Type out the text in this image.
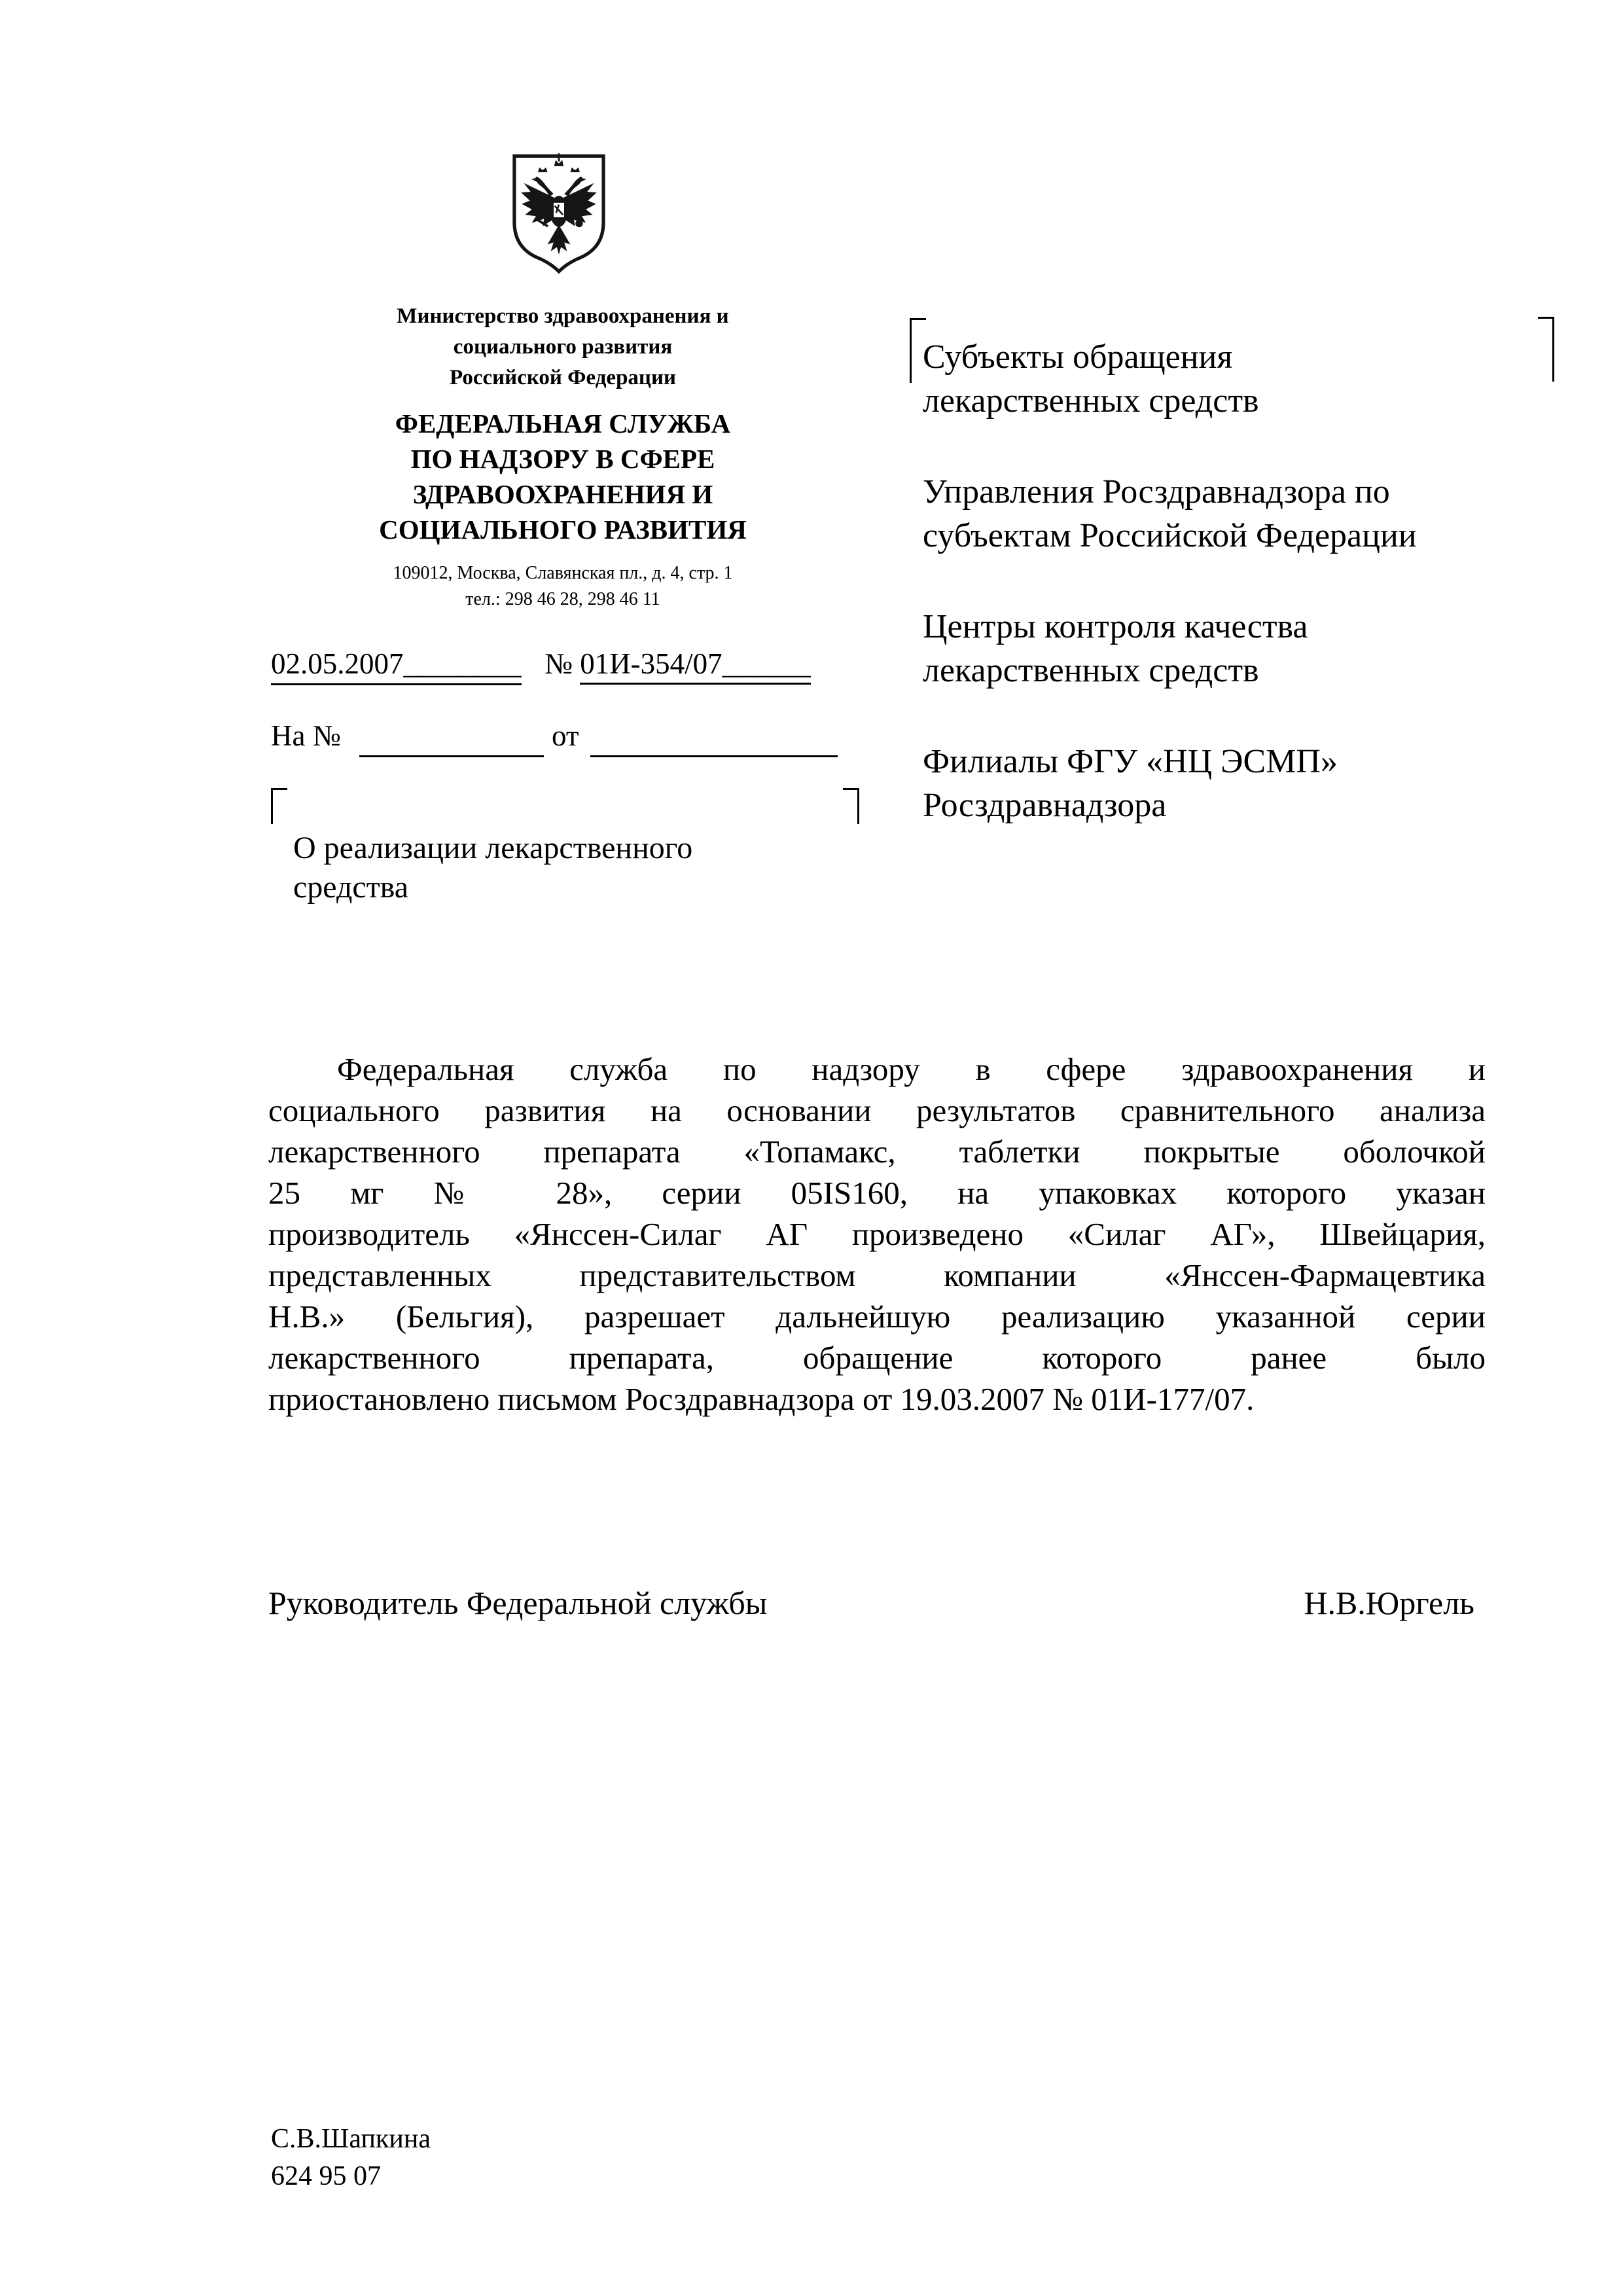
Министерство здравоохранения и
социального развития
Российской Федерации
ФЕДЕРАЛЬНАЯ СЛУЖБА
ПО НАДЗОРУ В СФЕРЕ
ЗДРАВООХРАНЕНИЯ И
СОЦИАЛЬНОГО РАЗВИТИЯ
109012, Москва, Славянская пл., д. 4, стр. 1
тел.: 298 46 28, 298 46 11
02.05.2007________ № 01И-354/07______
На №	от
О реализации лекарственного
средства
Субъекты обращения
лекарственных средств
Управления Росздравнадзора по
субъектам Российской Федерации
Центры контроля качества
лекарственных средств
Филиалы ФГУ «НЦ ЭСМП»
Росздравнадзора
Федеральная служба по надзору в сфере здравоохранения и
социального развития на основании результатов сравнительного анализа
лекарственного препарата «Топамакс, таблетки покрытые оболочкой
25 мг № 28», серии 05IS160, на упаковках которого указан
производитель «Янссен-Силаг АГ произведено «Силаг АГ», Швейцария,
представленных представительством компании «Янссен-Фармацевтика
Н.В.» (Бельгия), разрешает дальнейшую реализацию указанной серии
лекарственного препарата, обращение которого ранее было
приостановлено письмом Росздравнадзора от 19.03.2007 № 01И-177/07.
Руководитель Федеральной службы	Н.В.Юргель
С.В.Шапкина
624 95 07
